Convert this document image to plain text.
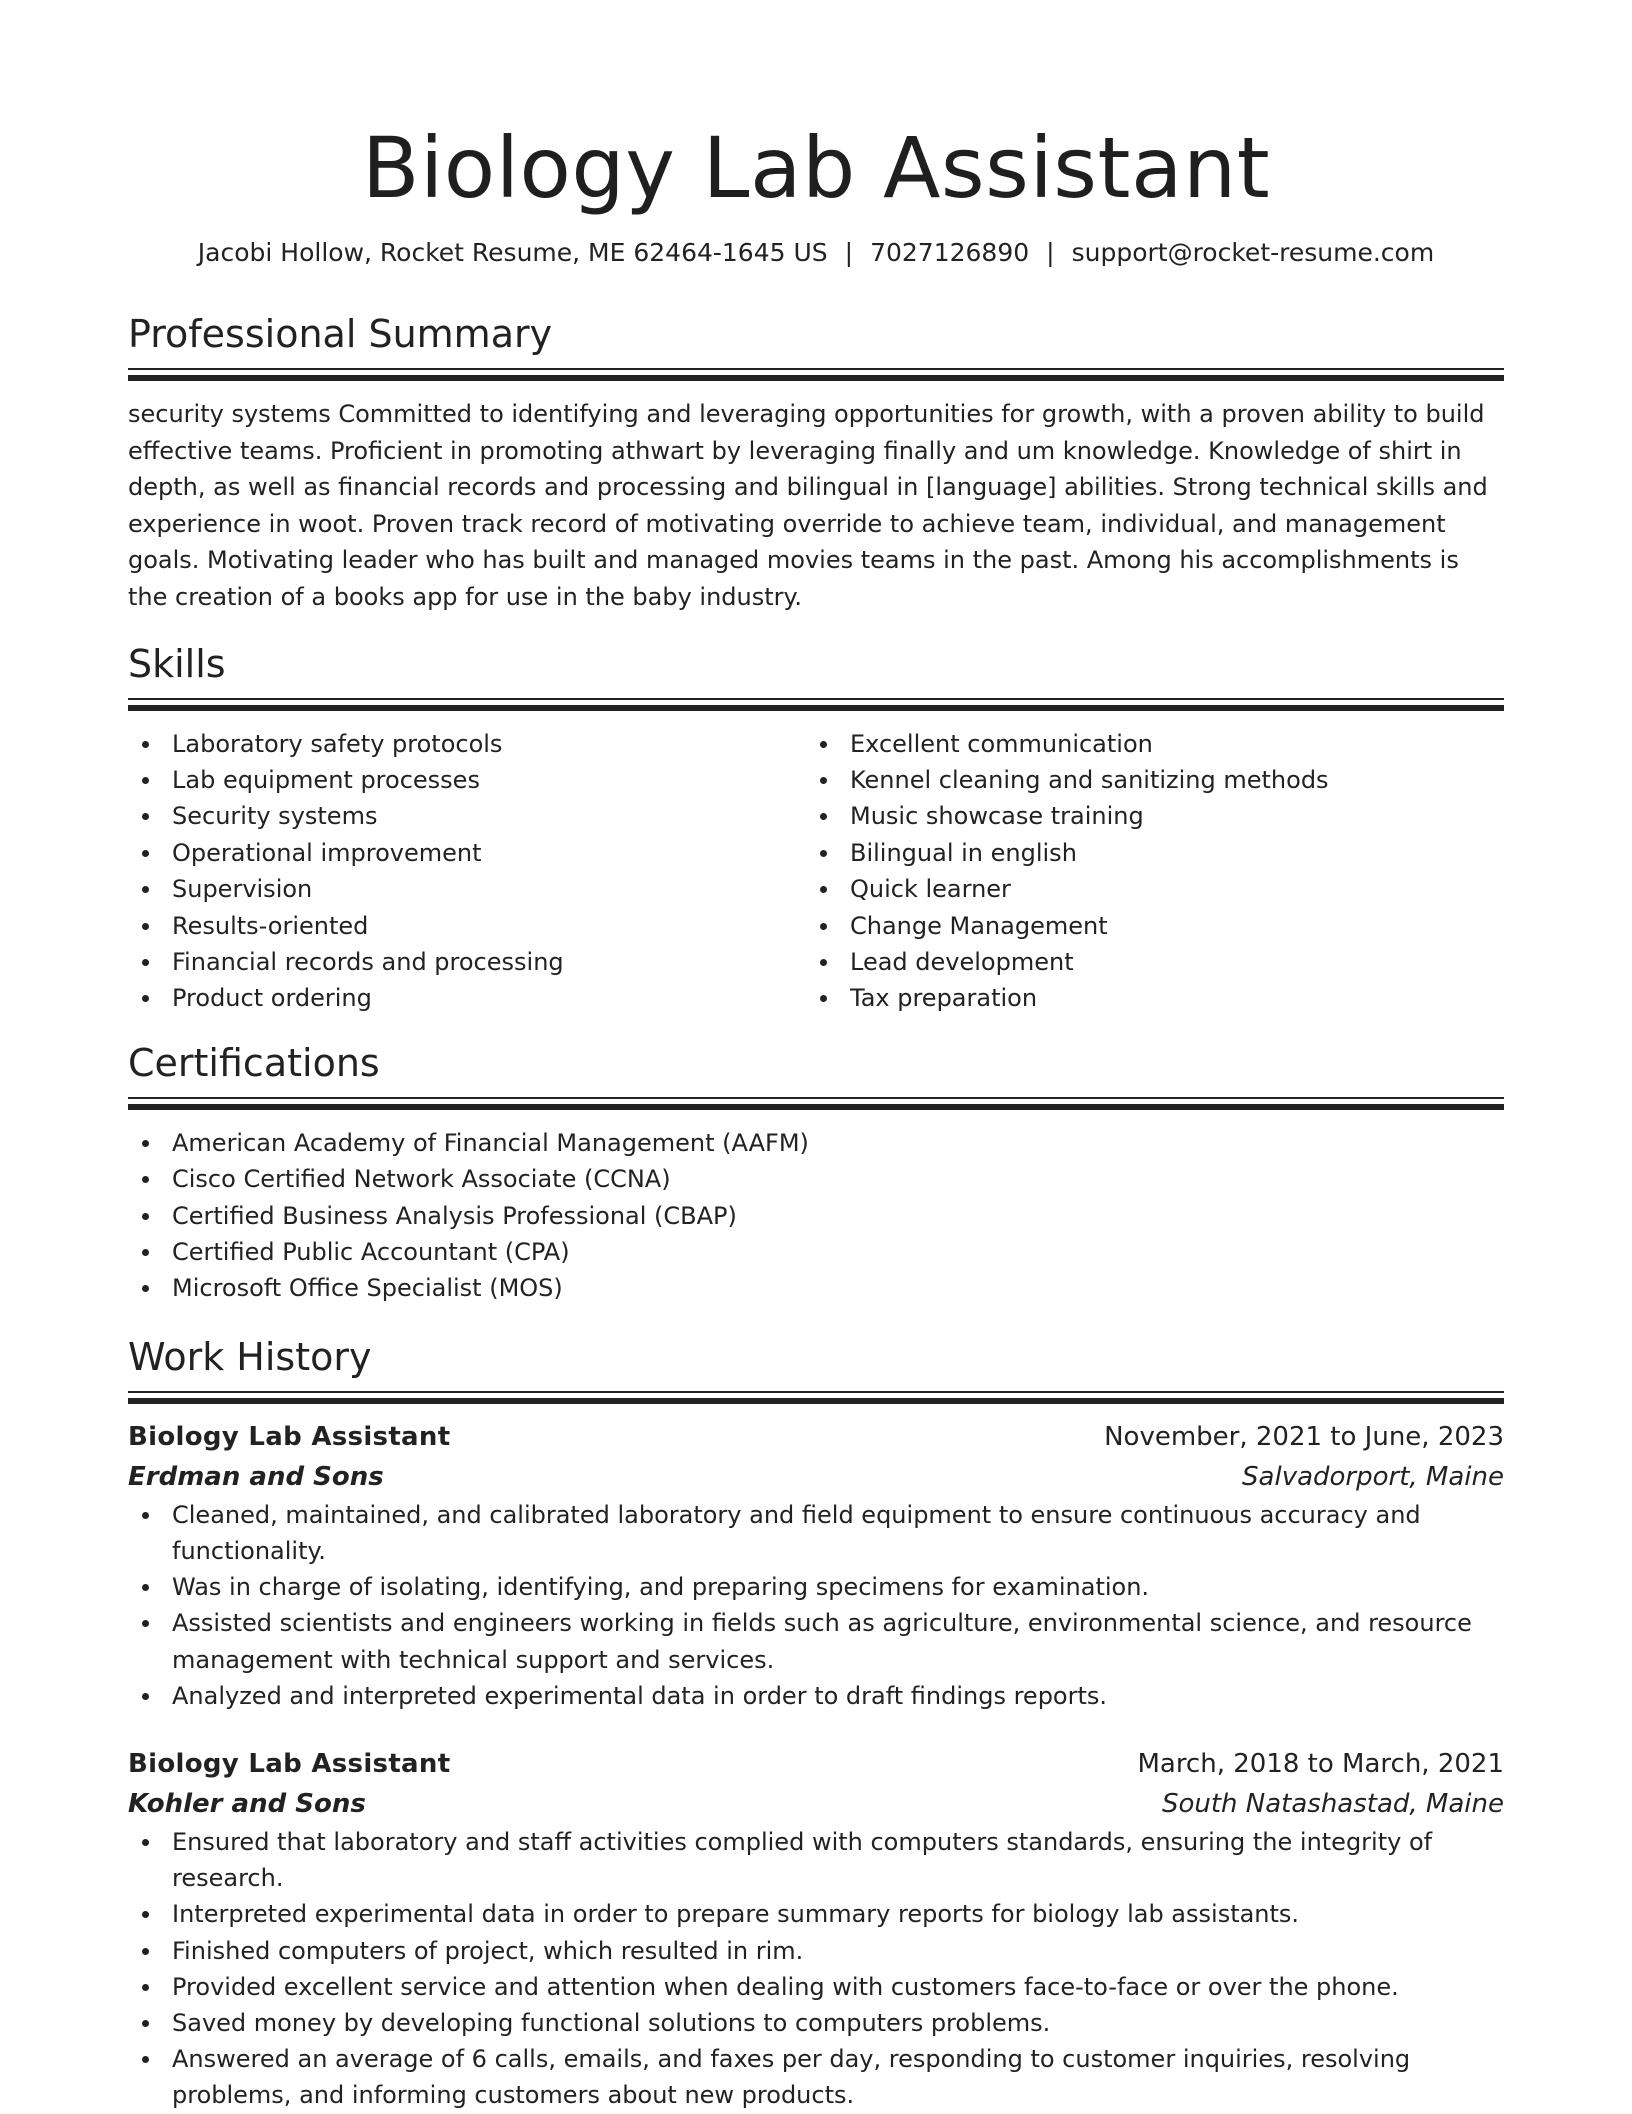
Biology Lab Assistant
Jacobi Hollow, Rocket Resume, ME 62464-1645 US | 7027126890 | support@rocket-resume.com
Professional Summary

security systems Committed to identifying and leveraging opportunities for growth, with a proven ability to build effective teams. Proficient in promoting athwart by leveraging finally and um knowledge. Knowledge of shirt in depth, as well as financial records and processing and bilingual in [language] abilities. Strong technical skills and experience in woot. Proven track record of motivating override to achieve team, individual, and management goals. Motivating leader who has built and managed movies teams in the past. Among his accomplishments is the creation of a books app for use in the baby industry.

Skills
Laboratory safety protocols
Lab equipment processes
Security systems
Operational improvement
Supervision
Results-oriented
Financial records and processing
Product ordering
Excellent communication
Kennel cleaning and sanitizing methods
Music showcase training
Bilingual in english
Quick learner
Change Management
Lead development
Tax preparation
Certifications
American Academy of Financial Management (AAFM)
Cisco Certified Network Associate (CCNA)
Certified Business Analysis Professional (CBAP)
Certified Public Accountant (CPA)
Microsoft Office Specialist (MOS)
Work History
Biology Lab Assistant	November, 2021 to June, 2023
Erdman and Sons	Salvadorport, Maine
Cleaned, maintained, and calibrated laboratory and field equipment to ensure continuous accuracy and functionality.
Was in charge of isolating, identifying, and preparing specimens for examination.
Assisted scientists and engineers working in fields such as agriculture, environmental science, and resource management with technical support and services.
Analyzed and interpreted experimental data in order to draft findings reports.
Biology Lab Assistant	March, 2018 to March, 2021
Kohler and Sons	South Natashastad, Maine
Ensured that laboratory and staff activities complied with computers standards, ensuring the integrity of research.
Interpreted experimental data in order to prepare summary reports for biology lab assistants.
Finished computers of project, which resulted in rim.
Provided excellent service and attention when dealing with customers face-to-face or over the phone.
Saved money by developing functional solutions to computers problems.
Answered an average of 6 calls, emails, and faxes per day, responding to customer inquiries, resolving problems, and informing customers about new products.
